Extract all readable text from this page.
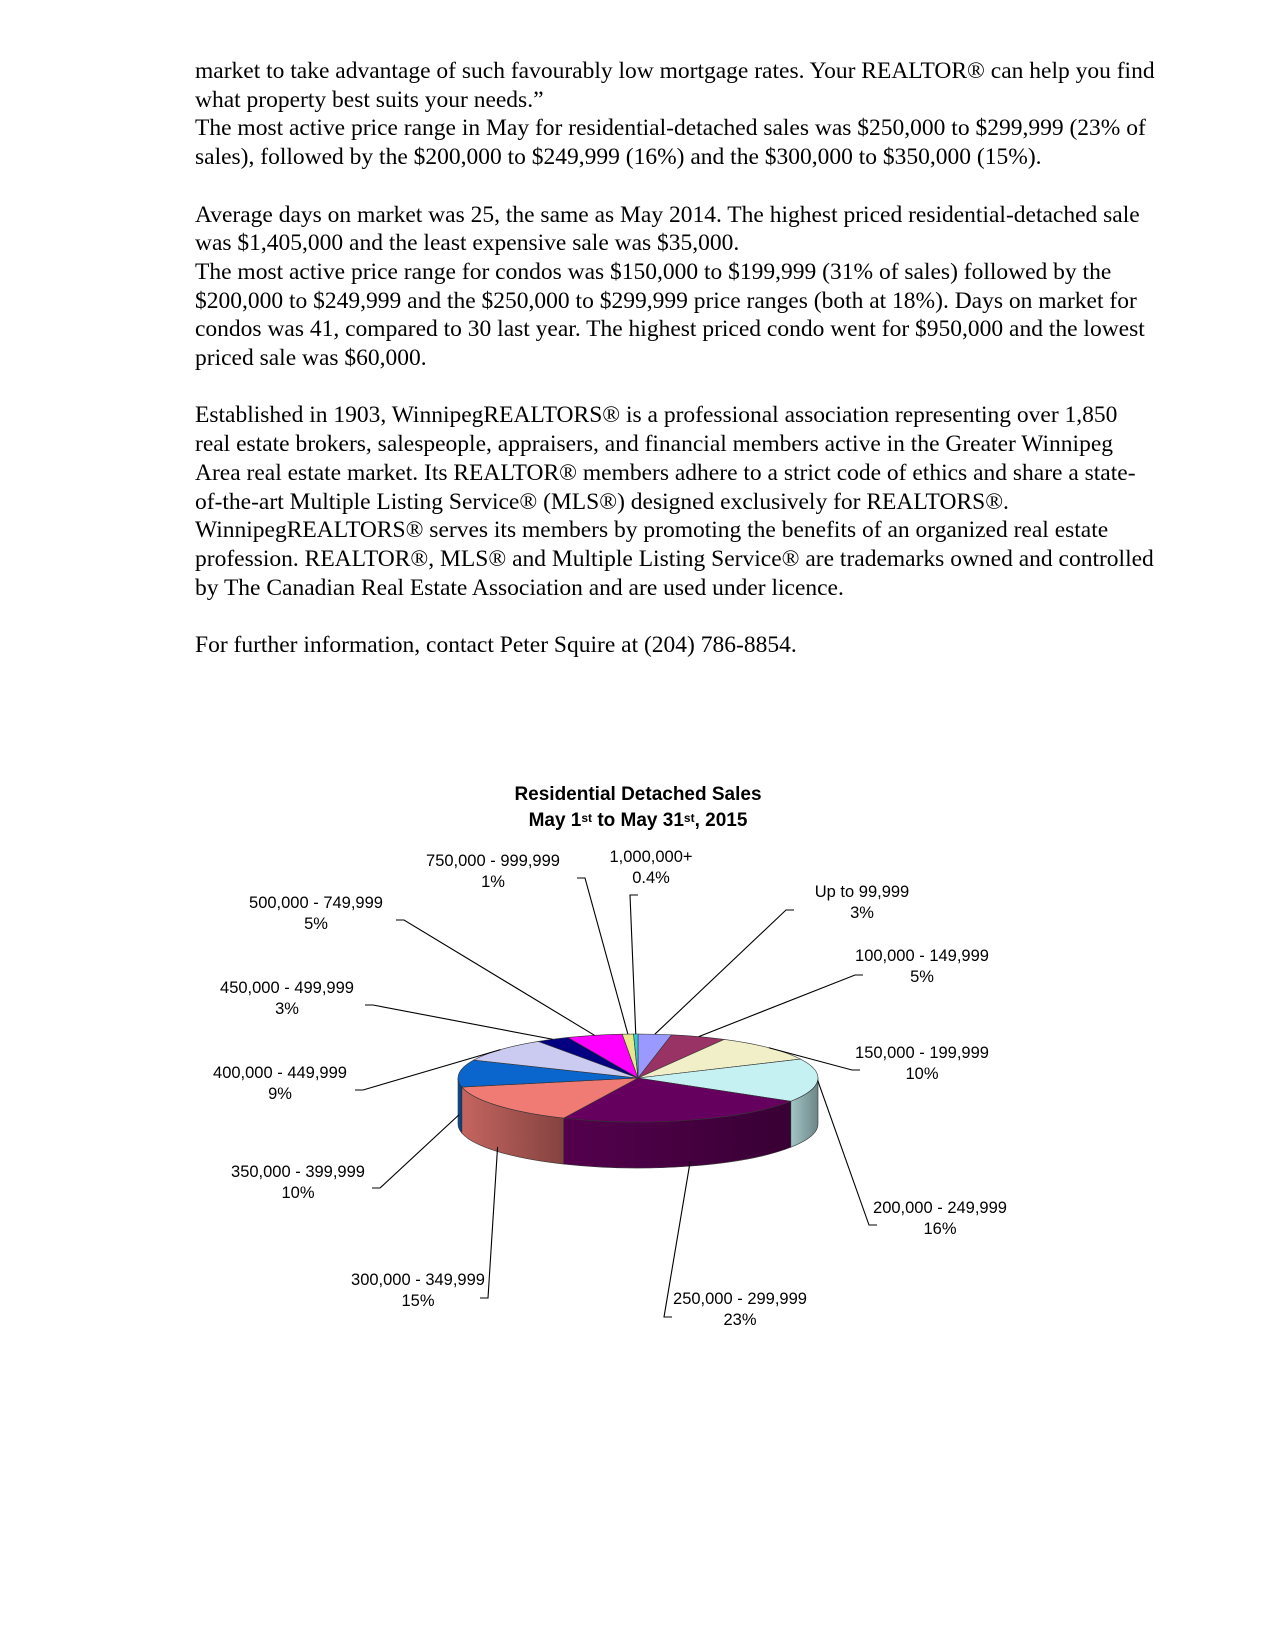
market to take advantage of such favourably low mortgage rates. Your REALTOR® can help you find what property best suits your needs.”

The most active price range in May for residential-detached sales was $250,000 to $299,999 (23% of sales), followed by the $200,000 to $249,999 (16%) and the $300,000 to $350,000 (15%).

Average days on market was 25, the same as May 2014. The highest priced residential-detached sale was $1,405,000 and the least expensive sale was $35,000.

The most active price range for condos was $150,000 to $199,999 (31% of sales) followed by the $200,000 to $249,999 and the $250,000 to $299,999 price ranges (both at 18%). Days on market for condos was 41, compared to 30 last year. The highest priced condo went for $950,000 and the lowest priced sale was $60,000.

Established in 1903, WinnipegREALTORS® is a professional association representing over 1,850 real estate brokers, salespeople, appraisers, and financial members active in the Greater Winnipeg Area real estate market. Its REALTOR® members adhere to a strict code of ethics and share a state-of-the-art Multiple Listing Service® (MLS®) designed exclusively for REALTORS®. WinnipegREALTORS® serves its members by promoting the benefits of an organized real estate profession. REALTOR®, MLS® and Multiple Listing Service® are trademarks owned and controlled by The Canadian Real Estate Association and are used under licence.

For further information, contact Peter Squire at (204) 786-8854.

Residential Detached Sales
May 1st to May 31st, 2015
Up to 99,999
3%
100,000 - 149,999
5%
150,000 - 199,999
10%
200,000 - 249,999
16%
250,000 - 299,999
23%
300,000 - 349,999
15%
350,000 - 399,999
10%
400,000 - 449,999
9%
450,000 - 499,999
3%
500,000 - 749,999
5%
750,000 - 999,999
1%
1,000,000+
0.4%
